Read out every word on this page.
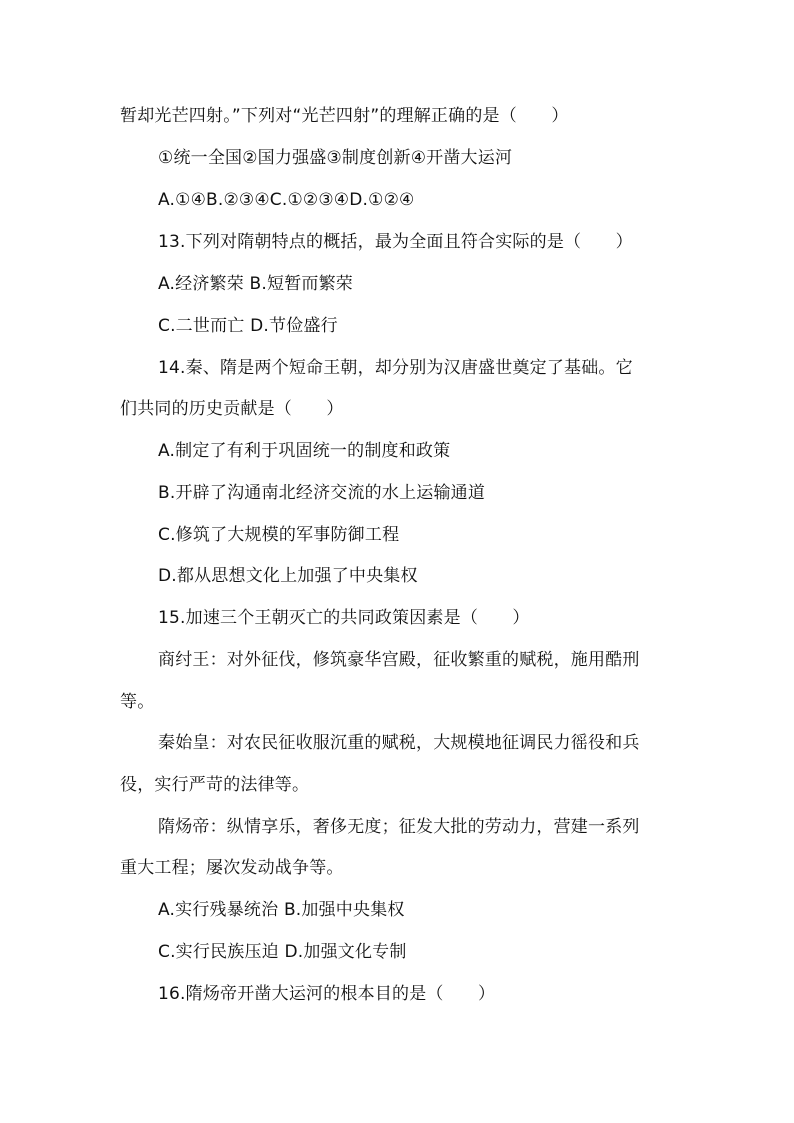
暂却光芒四射。”下列对“光芒四射”的理解正确的是（　　）
①统一全国②国力强盛③制度创新④开凿大运河
A.①④B.②③④C.①②③④D.①②④
13.下列对隋朝特点的概括，最为全面且符合实际的是（　　）
A.经济繁荣 B.短暂而繁荣
C.二世而亡 D.节俭盛行
14.秦、隋是两个短命王朝，却分别为汉唐盛世奠定了基础。它
们共同的历史贡献是（　　）
A.制定了有利于巩固统一的制度和政策
B.开辟了沟通南北经济交流的水上运输通道
C.修筑了大规模的军事防御工程
D.都从思想文化上加强了中央集权
15.加速三个王朝灭亡的共同政策因素是（　　）
商纣王：对外征伐，修筑豪华宫殿，征收繁重的赋税，施用酷刑
等。
秦始皇：对农民征收服沉重的赋税，大规模地征调民力徭役和兵
役，实行严苛的法律等。
隋炀帝：纵情享乐，奢侈无度；征发大批的劳动力，营建一系列
重大工程；屡次发动战争等。
A.实行残暴统治 B.加强中央集权
C.实行民族压迫 D.加强文化专制
16.隋炀帝开凿大运河的根本目的是（　　）
